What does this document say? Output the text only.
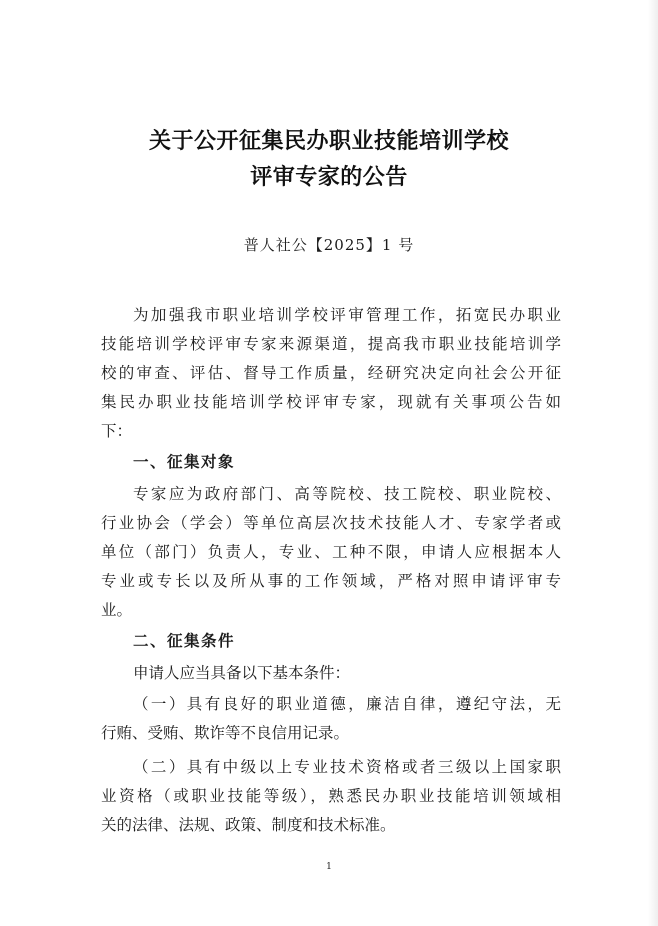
关于公开征集民办职业技能培训学校
评审专家的公告
普人社公【2025】1 号
为加强我市职业培训学校评审管理工作，拓宽民办职业
技能培训学校评审专家来源渠道，提高我市职业技能培训学
校的审查、评估、督导工作质量，经研究决定向社会公开征
集民办职业技能培训学校评审专家，现就有关事项公告如
下：
一、征集对象
专家应为政府部门、高等院校、技工院校、职业院校、
行业协会（学会）等单位高层次技术技能人才、专家学者或
单位（部门）负责人，专业、工种不限，申请人应根据本人
专业或专长以及所从事的工作领域，严格对照申请评审专
业。
二、征集条件
申请人应当具备以下基本条件：
（一）具有良好的职业道德，廉洁自律，遵纪守法，无
行贿、受贿、欺诈等不良信用记录。
（二）具有中级以上专业技术资格或者三级以上国家职
业资格（或职业技能等级），熟悉民办职业技能培训领域相
关的法律、法规、政策、制度和技术标准。
1
